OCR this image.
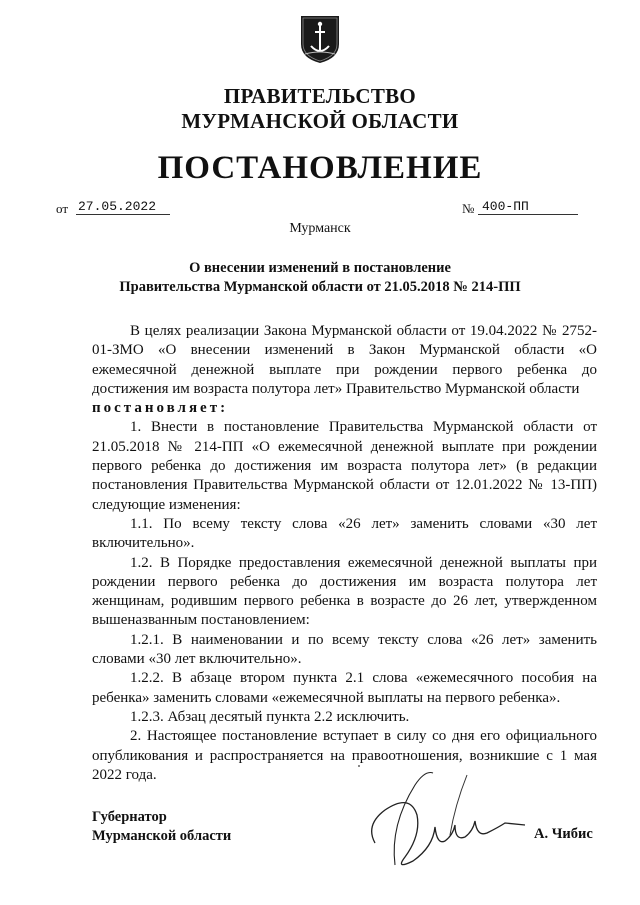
ПРАВИТЕЛЬСТВО
МУРМАНСКОЙ ОБЛАСТИ
ПОСТАНОВЛЕНИЕ
от 27.05.2022	№ 400-ПП
Мурманск
О внесении изменений в постановление
Правительства Мурманской области от 21.05.2018 № 214-ПП

В целях реализации Закона Мурманской области от 19.04.2022 № 2752-01-ЗМО «О внесении изменений в Закон Мурманской области «О ежемесячной денежной выплате при рождении первого ребенка до достижения им возраста полутора лет» Правительство Мурманской области

постановляет:

1. Внести в постановление Правительства Мурманской области от 21.05.2018 № 214-ПП «О ежемесячной денежной выплате при рождении первого ребенка до достижения им возраста полутора лет» (в редакции постановления Правительства Мурманской области от 12.01.2022 № 13-ПП) следующие изменения:

1.1. По всему тексту слова «26 лет» заменить словами «30 лет включительно».

1.2. В Порядке предоставления ежемесячной денежной выплаты при рождении первого ребенка до достижения им возраста полутора лет женщинам, родившим первого ребенка в возрасте до 26 лет, утвержденном вышеназванным постановлением:

1.2.1. В наименовании и по всему тексту слова «26 лет» заменить словами «30 лет включительно».

1.2.2. В абзаце втором пункта 2.1 слова «ежемесячного пособия на ребенка» заменить словами «ежемесячной выплаты на первого ребенка».

1.2.3. Абзац десятый пункта 2.2 исключить.

2. Настоящее постановление вступает в силу со дня его официального опубликования и распространяется на правоотношения, возникшие с 1 мая 2022 года.

Губернатор
Мурманской области	А. Чибис
